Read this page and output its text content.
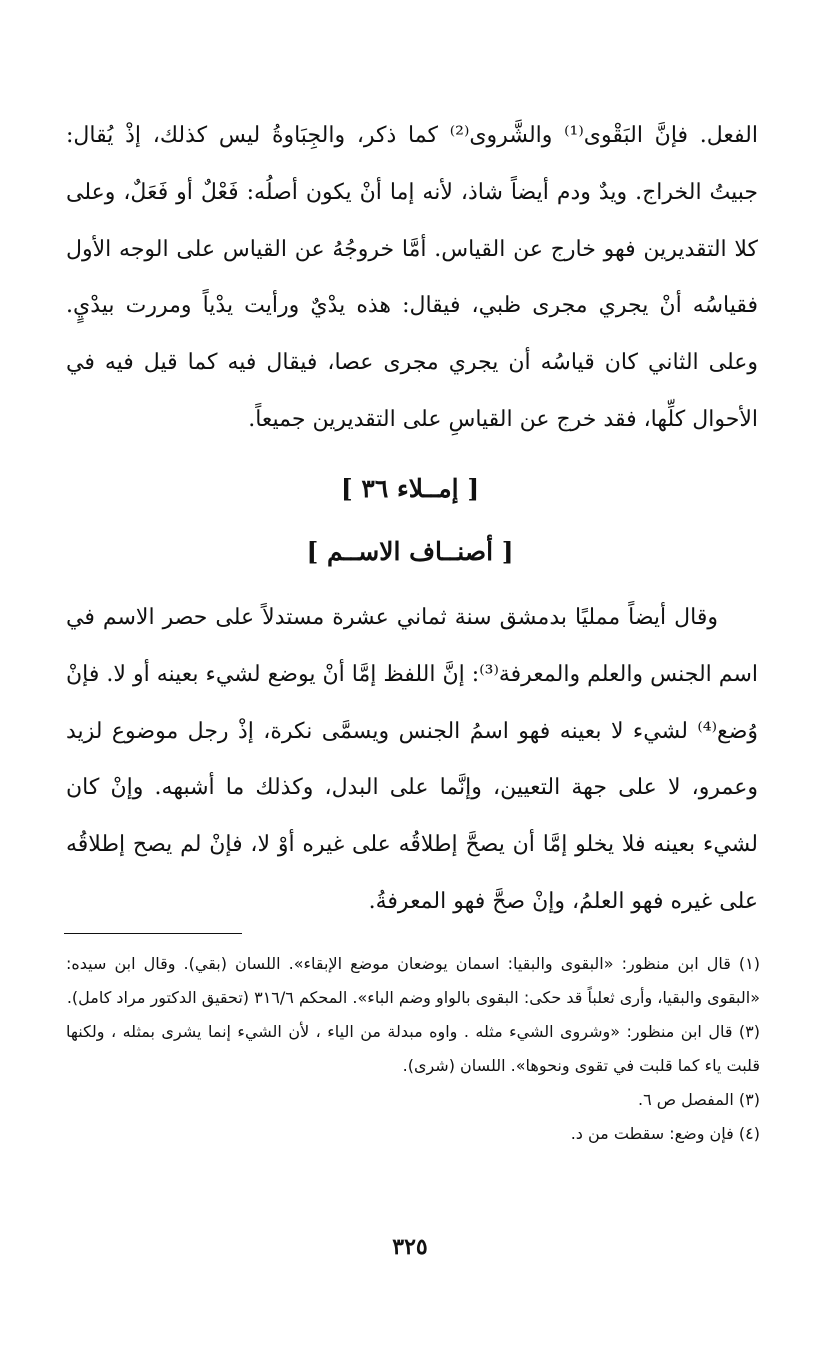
الفعل. فإنَّ البَقْوى⁽¹⁾ والشَّروى⁽²⁾ كما ذكر، والجِبَاوةُ ليس كذلك، إذْ يُقال: جبيتُ الخراج. ويدٌ ودم أيضاً شاذ، لأنه إما أنْ يكون أصلُه: فَعْلٌ أو فَعَلٌ، وعلى كلا التقديرين فهو خارج عن القياس. أمَّا خروجُهُ عن القياس على الوجه الأول فقياسُه أنْ يجري مجرى ظبي، فيقال: هذه يدْيٌ ورأيت يدْياً ومررت بيدْيٍ. وعلى الثاني كان قياسُه أن يجري مجرى عصا، فيقال فيه كما قيل فيه في الأحوال كلِّها، فقد خرج عن القياسِ على التقديرين جميعاً.

[ إمــلاء ٣٦ ]
[ أصنــاف الاســم ]

وقال أيضاً ممليًا بدمشق سنة ثماني عشرة مستدلاً على حصر الاسم في اسم الجنس والعلم والمعرفة⁽³⁾: إنَّ اللفظ إمَّا أنْ يوضع لشيء بعينه أو لا. فإنْ وُضع⁽⁴⁾ لشيء لا بعينه فهو اسمُ الجنس ويسمَّى نكرة، إذْ رجل موضوع لزيد وعمرو، لا على جهة التعيين، وإنَّما على البدل، وكذلك ما أشبهه. وإنْ كان لشيء بعينه فلا يخلو إمَّا أن يصحَّ إطلاقُه على غيره أوْ لا، فإنْ لم يصح إطلاقُه على غيره فهو العلمُ، وإنْ صحَّ فهو المعرفةُ.

(١) قال ابن منظور: «البقوى والبقيا: اسمان يوضعان موضع الإبقاء». اللسان (بقي). وقال ابن سيده: «البقوى والبقيا، وأرى ثعلباً قد حكى: البقوى بالواو وضم الباء». المحكم ٣١٦/٦ (تحقيق الدكتور مراد كامل).
(٣) قال ابن منظور: «وشروى الشيء مثله . واوه مبدلة من الياء ، لأن الشيء إنما يشرى بمثله ، ولكنها قلبت ياء كما قلبت في تقوى ونحوها». اللسان (شرى).
(٣) المفصل ص ٦.
(٤) فإن وضع: سقطت من د.
٣٢٥
